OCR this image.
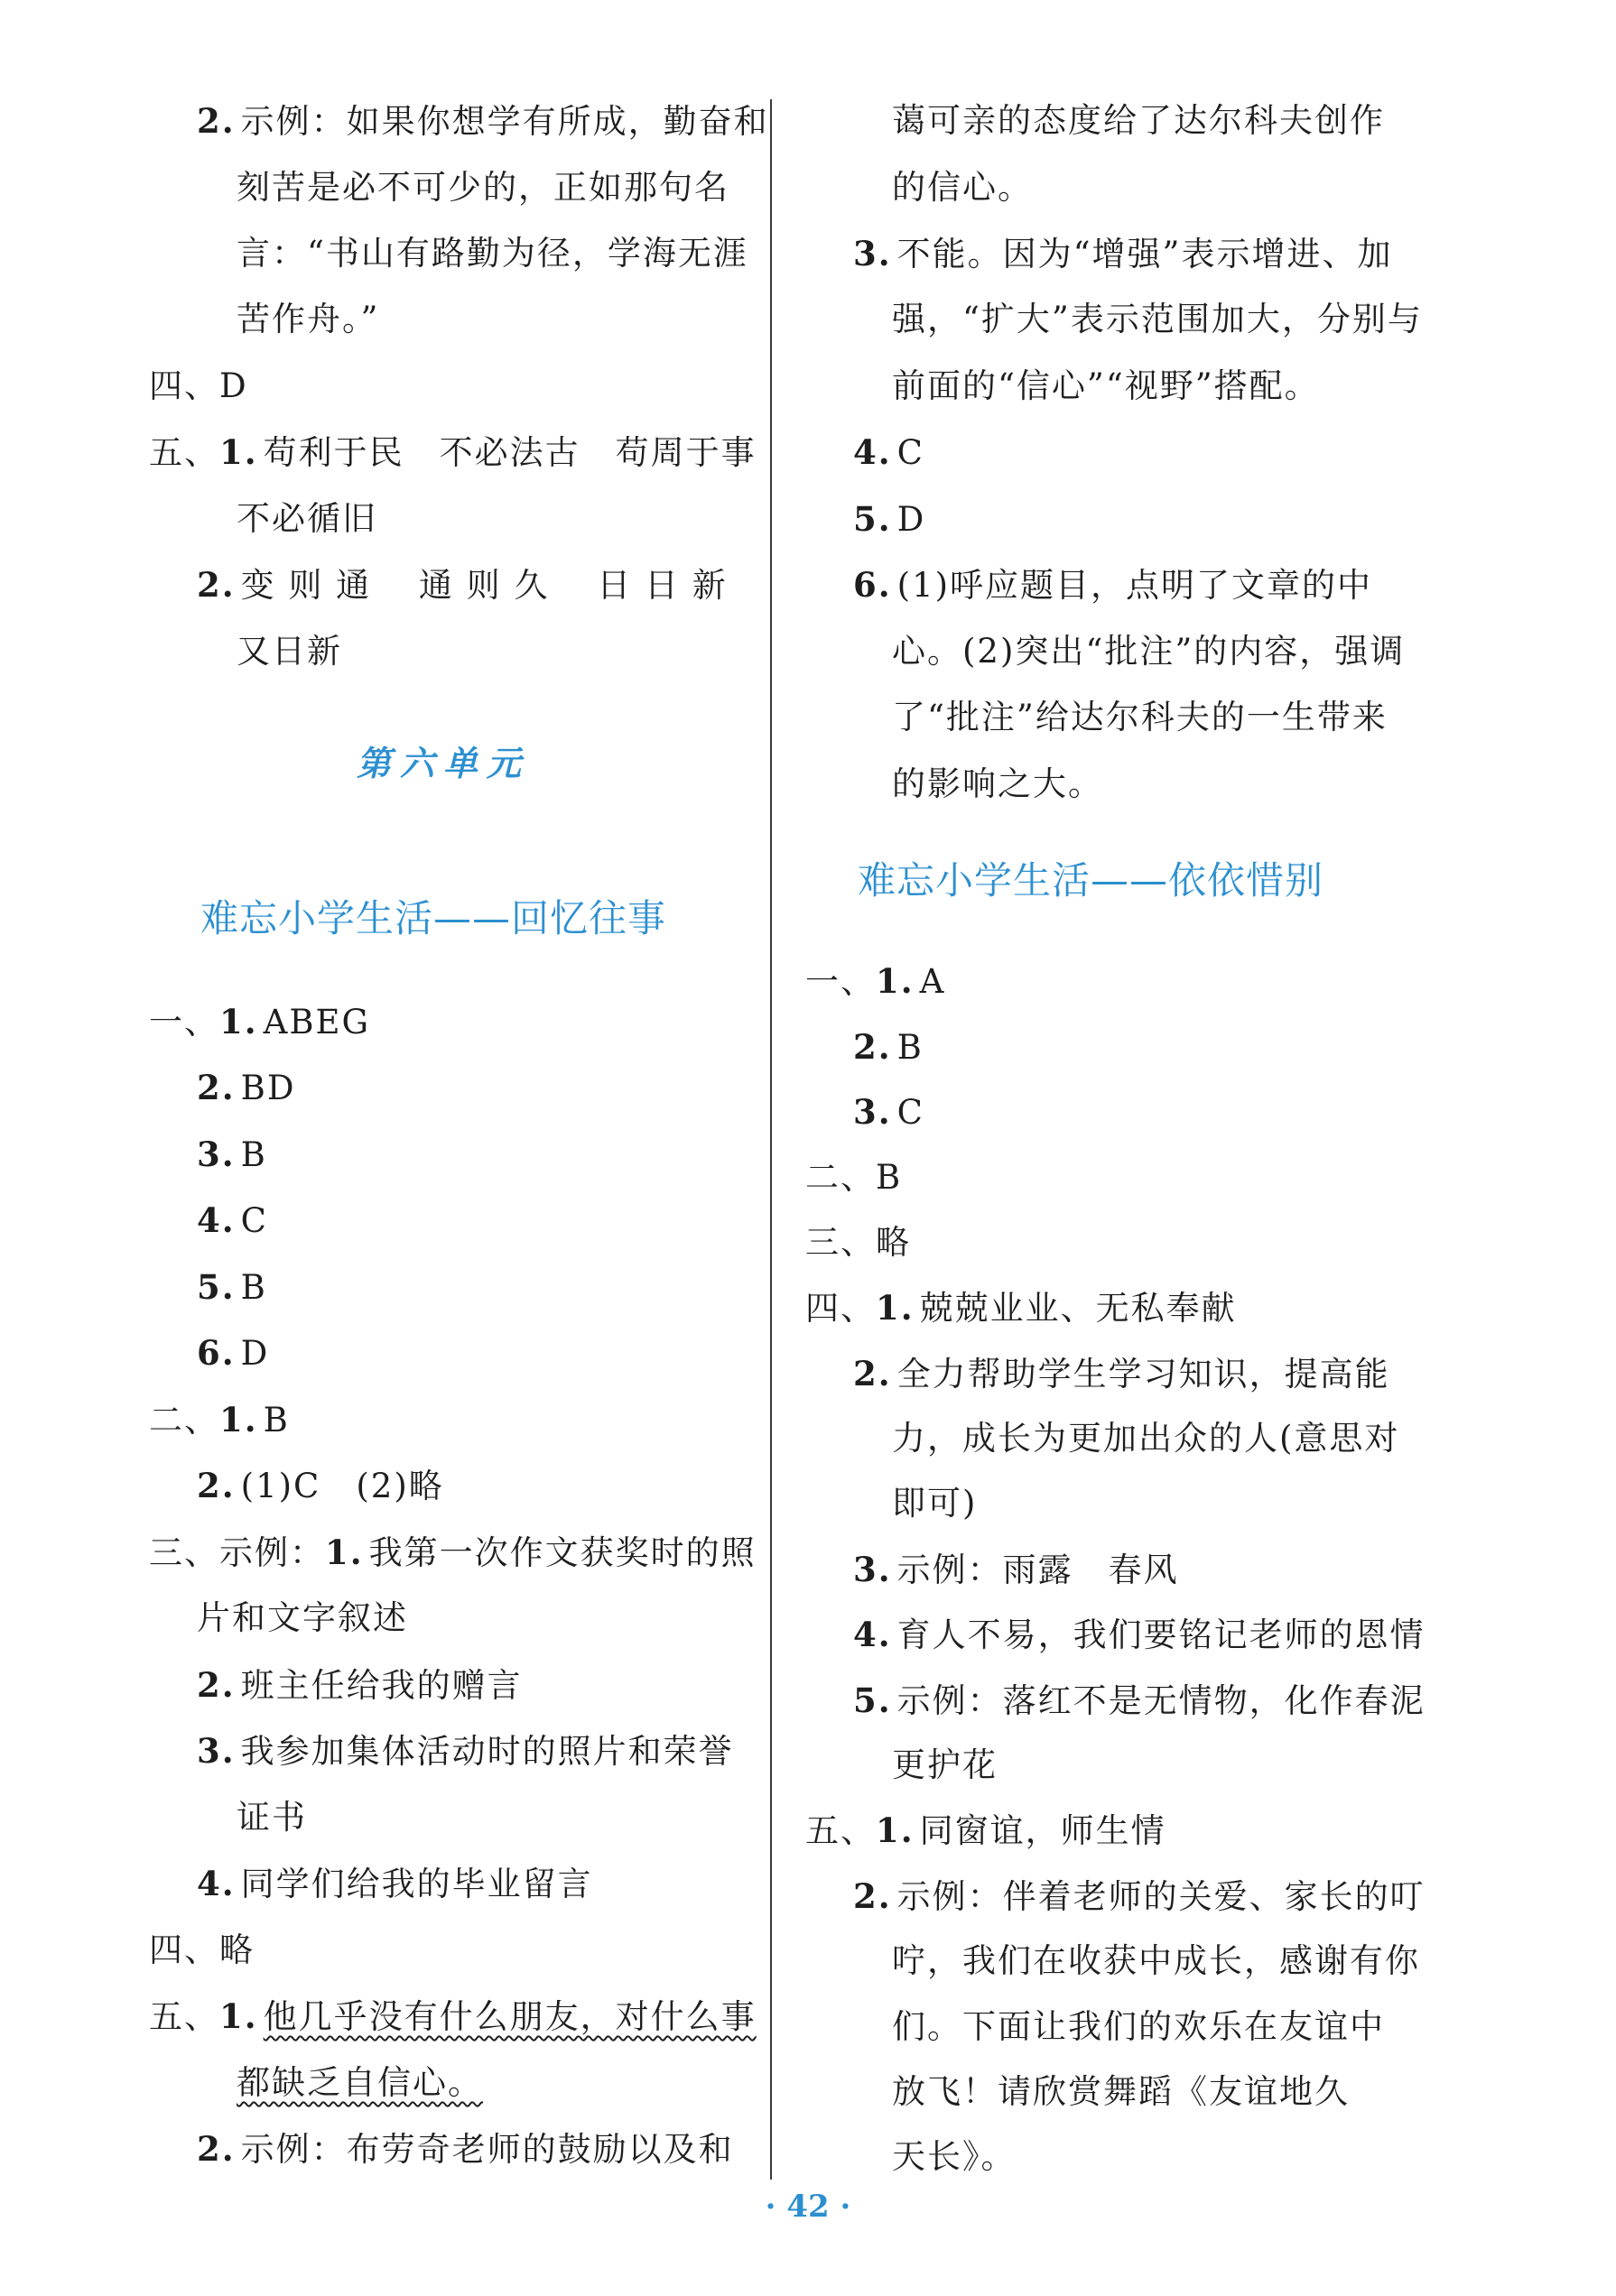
2. 示例：如果你想学有所成，勤奋和
刻苦是必不可少的，正如那句名
言：“书山有路勤为径，学海无涯
苦作舟。”
四、D
五、1. 苟利于民　不必法古　苟周于事
不必循旧
2. 变 则 通　 通 则 久　 日 日 新
又日新
第六单元
难忘小学生活——回忆往事
一、1. ABEG
2. BD
3. B
4. C
5. B
6. D
二、1. B
2. (1)C　(2)略
三、示例：1. 我第一次作文获奖时的照
片和文字叙述
2. 班主任给我的赠言
3. 我参加集体活动时的照片和荣誉
证书
4. 同学们给我的毕业留言
四、略
五、1. 他几乎没有什么朋友，对什么事
都缺乏自信心。
2. 示例：布劳奇老师的鼓励以及和
蔼可亲的态度给了达尔科夫创作
的信心。
3. 不能。因为“增强”表示增进、加
强，“扩大”表示范围加大，分别与
前面的“信心”“视野”搭配。
4. C
5. D
6. (1)呼应题目，点明了文章的中
心。(2)突出“批注”的内容，强调
了“批注”给达尔科夫的一生带来
的影响之大。
难忘小学生活——依依惜别
一、1. A
2. B
3. C
二、B
三、略
四、1. 兢兢业业、无私奉献
2. 全力帮助学生学习知识，提高能
力，成长为更加出众的人(意思对
即可)
3. 示例：雨露　春风
4. 育人不易，我们要铭记老师的恩情
5. 示例：落红不是无情物，化作春泥
更护花
五、1. 同窗谊，师生情
2. 示例：伴着老师的关爱、家长的叮
咛，我们在收获中成长，感谢有你
们。下面让我们的欢乐在友谊中
放飞！请欣赏舞蹈《友谊地久
天长》。
· 42 ·
